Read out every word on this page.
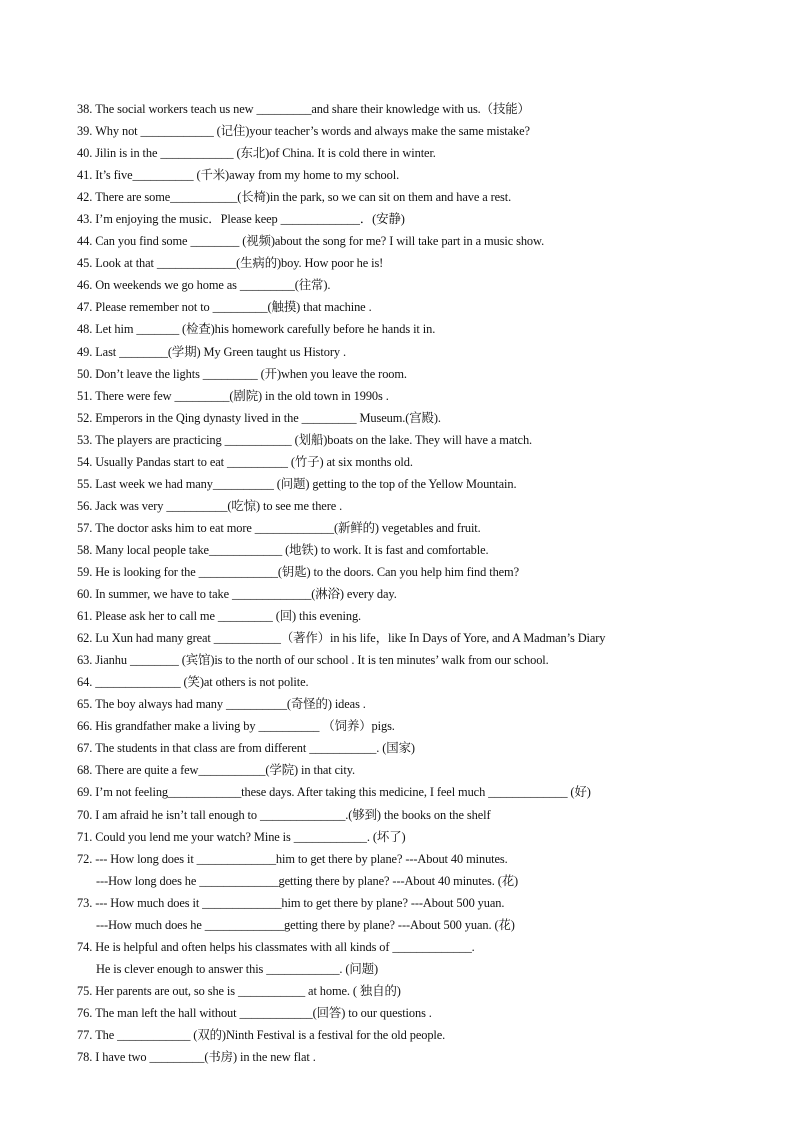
38. The social workers teach us new _________and share their knowledge with us.（技能）
39. Why not ____________ (记住)your teacher’s words and always make the same mistake?
40. Jilin is in the ____________ (东北)of China. It is cold there in winter.
41. It’s five__________ (千米)away from my home to my school.
42. There are some___________(长椅)in the park, so we can sit on them and have a rest.
43. I’m enjoying the music．Please keep _____________．(安静)
44. Can you find some ________ (视频)about the song for me? I will take part in a music show.
45. Look at that _____________(生病的)boy. How poor he is!
46. On weekends we go home as _________(往常).
47. Please remember not to _________(触摸) that machine .
48. Let him _______ (检查)his homework carefully before he hands it in.
49. Last ________(学期) My Green taught us History .
50. Don’t leave the lights _________ (开)when you leave the room.
51. There were few _________(剧院) in the old town in 1990s .
52. Emperors in the Qing dynasty lived in the _________ Museum.(宫殿).
53. The players are practicing ___________ (划船)boats on the lake. They will have a match.
54. Usually Pandas start to eat __________ (竹子) at six months old.
55. Last week we had many__________ (问题) getting to the top of the Yellow Mountain.
56. Jack was very __________(吃惊) to see me there .
57. The doctor asks him to eat more _____________(新鲜的) vegetables and fruit.
58. Many local people take____________ (地铁) to work. It is fast and comfortable.
59. He is looking for the _____________(钥匙) to the doors. Can you help him find them?
60. In summer, we have to take _____________(淋浴) every day.
61. Please ask her to call me _________ (回) this evening.
62. Lu Xun had many great ___________（著作）in his life，like In Days of Yore, and A Madman’s Diary
63. Jianhu ________ (宾馆)is to the north of our school . It is ten minutes’ walk from our school.
64. ______________ (笑)at others is not polite.
65. The boy always had many __________(奇怪的) ideas .
66. His grandfather make a living by __________ （饲养）pigs.
67. The students in that class are from different ___________. (国家)
68. There are quite a few___________(学院) in that city.
69. I’m not feeling____________these days. After taking this medicine, I feel much _____________ (好)
70. I am afraid he isn’t tall enough to ______________.(够到) the books on the shelf
71. Could you lend me your watch? Mine is ____________. (坏了)
72. --- How long does it _____________him to get there by plane? ---About 40 minutes.
---How long does he _____________getting there by plane? ---About 40 minutes. (花)
73. --- How much does it _____________him to get there by plane? ---About 500 yuan.
---How much does he _____________getting there by plane? ---About 500 yuan. (花)
74. He is helpful and often helps his classmates with all kinds of _____________.
He is clever enough to answer this ____________. (问题)
75. Her parents are out, so she is ___________ at home. ( 独自的)
76. The man left the hall without ____________(回答) to our questions .
77. The ____________ (双的)Ninth Festival is a festival for the old people.
78. I have two _________(书房) in the new flat .
